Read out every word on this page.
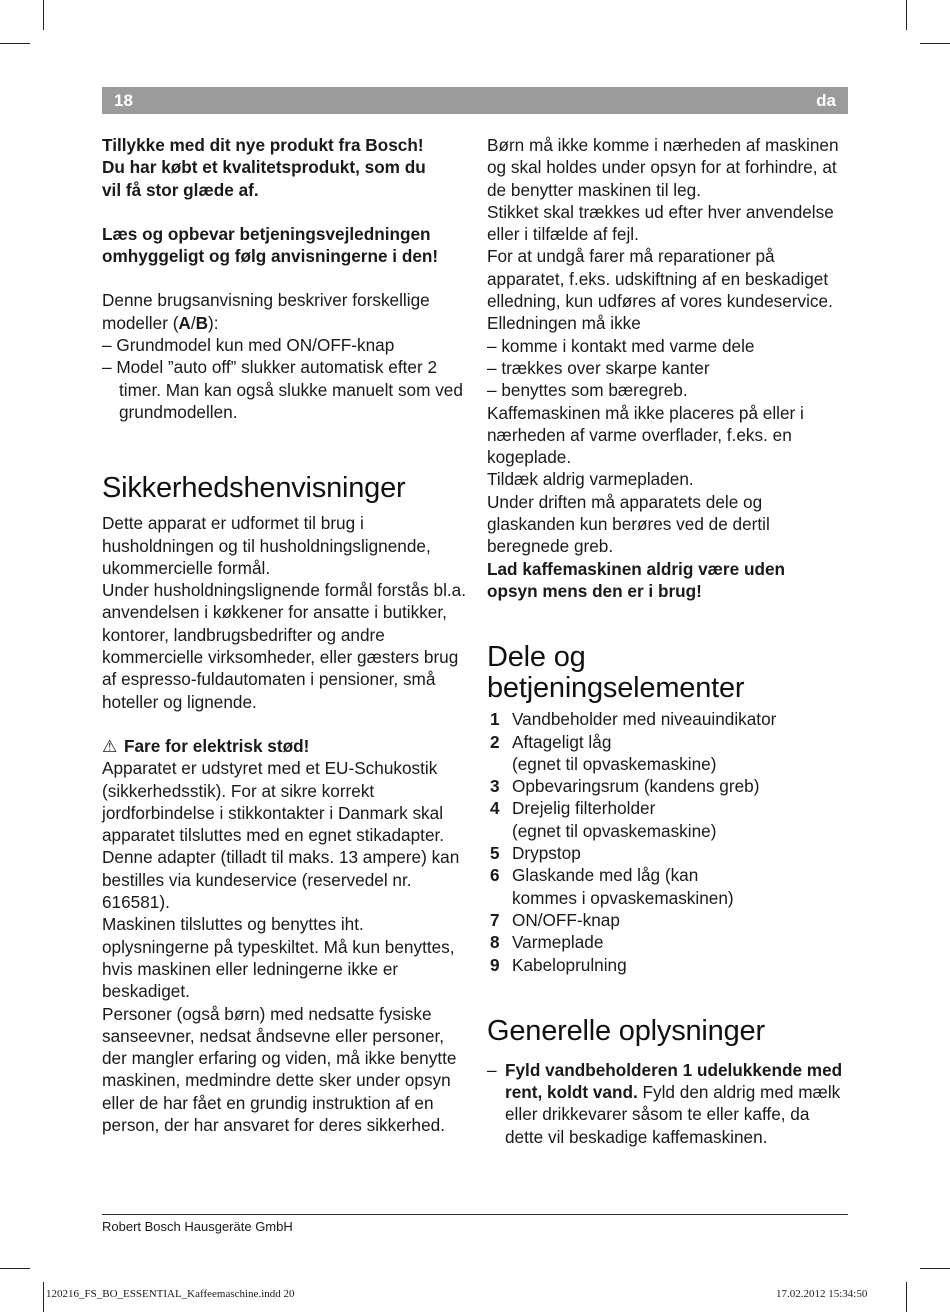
18	da

Tillykke med dit nye produkt fra Bosch!
Du har købt et kvalitetsprodukt, som du
vil få stor glæde af.

Læs og opbevar betjeningsvejledningen
omhyggeligt og følg anvisningerne i den!

Denne brugsanvisning beskriver forskellige
modeller (A/B):

– Grundmodel kun med ON/OFF-knap

– Model ”auto off” slukker automatisk efter 2 timer. Man kan også slukke manuelt som ved grundmodellen.

Sikkerhedshenvisninger

Dette apparat er udformet til brug i husholdningen og til husholdningslignende, ukommercielle formål.

Under husholdningslignende formål forstås bl.a. anvendelsen i køkkener for ansatte i butikker, kontorer, landbrugsbedrifter og andre kommercielle virksomheder, eller gæsters brug af espresso-fuldautomaten i pensioner, små hoteller og lignende.

⚠ Fare for elektrisk stød!

Apparatet er udstyret med et EU-Schukostik (sikkerhedsstik). For at sikre korrekt jordforbindelse i stikkontakter i Danmark skal apparatet tilsluttes med en egnet stikadapter. Denne adapter (tilladt til maks. 13 ampere) kan bestilles via kundeservice (reservedel nr. 616581).

Maskinen tilsluttes og benyttes iht. oplysningerne på typeskiltet. Må kun benyttes, hvis maskinen eller ledningerne ikke er beskadiget.

Personer (også børn) med nedsatte fysiske sanseevner, nedsat åndsevne eller personer, der mangler erfaring og viden, må ikke benytte maskinen, medmindre dette sker under opsyn eller de har fået en grundig instruktion af en person, der har ansvaret for deres sikkerhed.

Børn må ikke komme i nærheden af maskinen og skal holdes under opsyn for at forhindre, at de benytter maskinen til leg.

Stikket skal trækkes ud efter hver anvendelse eller i tilfælde af fejl.

For at undgå farer må reparationer på apparatet, f.eks. udskiftning af en beskadiget elledning, kun udføres af vores kundeservice.

Elledningen må ikke

– komme i kontakt med varme dele

– trækkes over skarpe kanter

– benyttes som bæregreb.

Kaffemaskinen må ikke placeres på eller i nærheden af varme overflader, f.eks. en kogeplade.

Tildæk aldrig varmepladen.

Under driften må apparatets dele og glaskanden kun berøres ved de dertil beregnede greb.

Lad kaffemaskinen aldrig være uden
opsyn mens den er i brug!

Dele og
betjeningselementer
1 Vandbeholder med niveauindikator
2 Aftageligt låg
(egnet til opvaskemaskine)
3 Opbevaringsrum (kandens greb)
4 Drejelig filterholder
(egnet til opvaskemaskine)
5 Drypstop
6 Glaskande med låg (kan
kommes i opvaskemaskinen)
7 ON/OFF-knap
8 Varmeplade
9 Kabeloprulning
Generelle oplysninger
– Fyld vandbeholderen 1 udelukkende med rent, koldt vand. Fyld den aldrig med mælk eller drikkevarer såsom te eller kaffe, da dette vil beskadige kaffemaskinen.
Robert Bosch Hausgeräte GmbH
120216_FS_BO_ESSENTIAL_Kaffeemaschine.indd 20	17.02.2012 15:34:50
